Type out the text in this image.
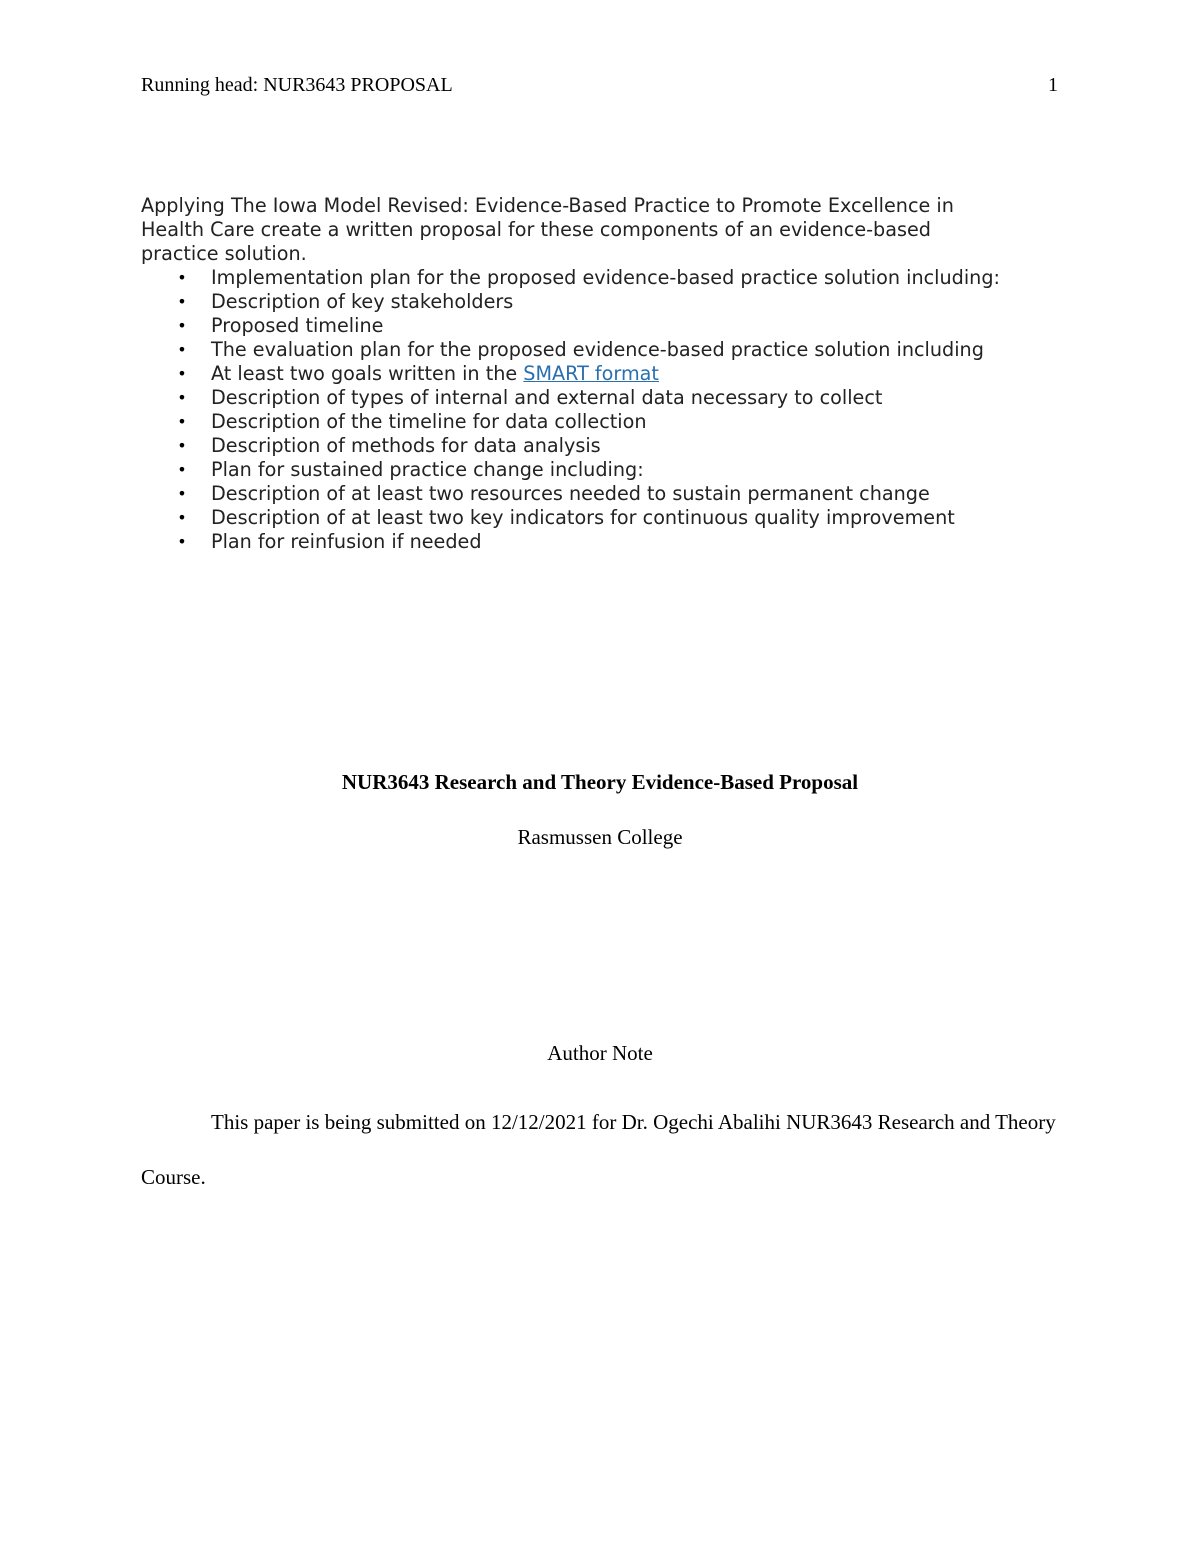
Running head: NUR3643 PROPOSAL	1

Applying The Iowa Model Revised: Evidence-Based Practice to Promote Excellence in
Health Care create a written proposal for these components of an evidence-based
practice solution.

• Implementation plan for the proposed evidence-based practice solution including:
• Description of key stakeholders
• Proposed timeline
• The evaluation plan for the proposed evidence-based practice solution including
• At least two goals written in the SMART format
• Description of types of internal and external data necessary to collect
• Description of the timeline for data collection
• Description of methods for data analysis
• Plan for sustained practice change including:
• Description of at least two resources needed to sustain permanent change
• Description of at least two key indicators for continuous quality improvement
• Plan for reinfusion if needed
NUR3643 Research and Theory Evidence-Based Proposal
Rasmussen College
Author Note

This paper is being submitted on 12/12/2021 for Dr. Ogechi Abalihi NUR3643 Research and Theory Course.
